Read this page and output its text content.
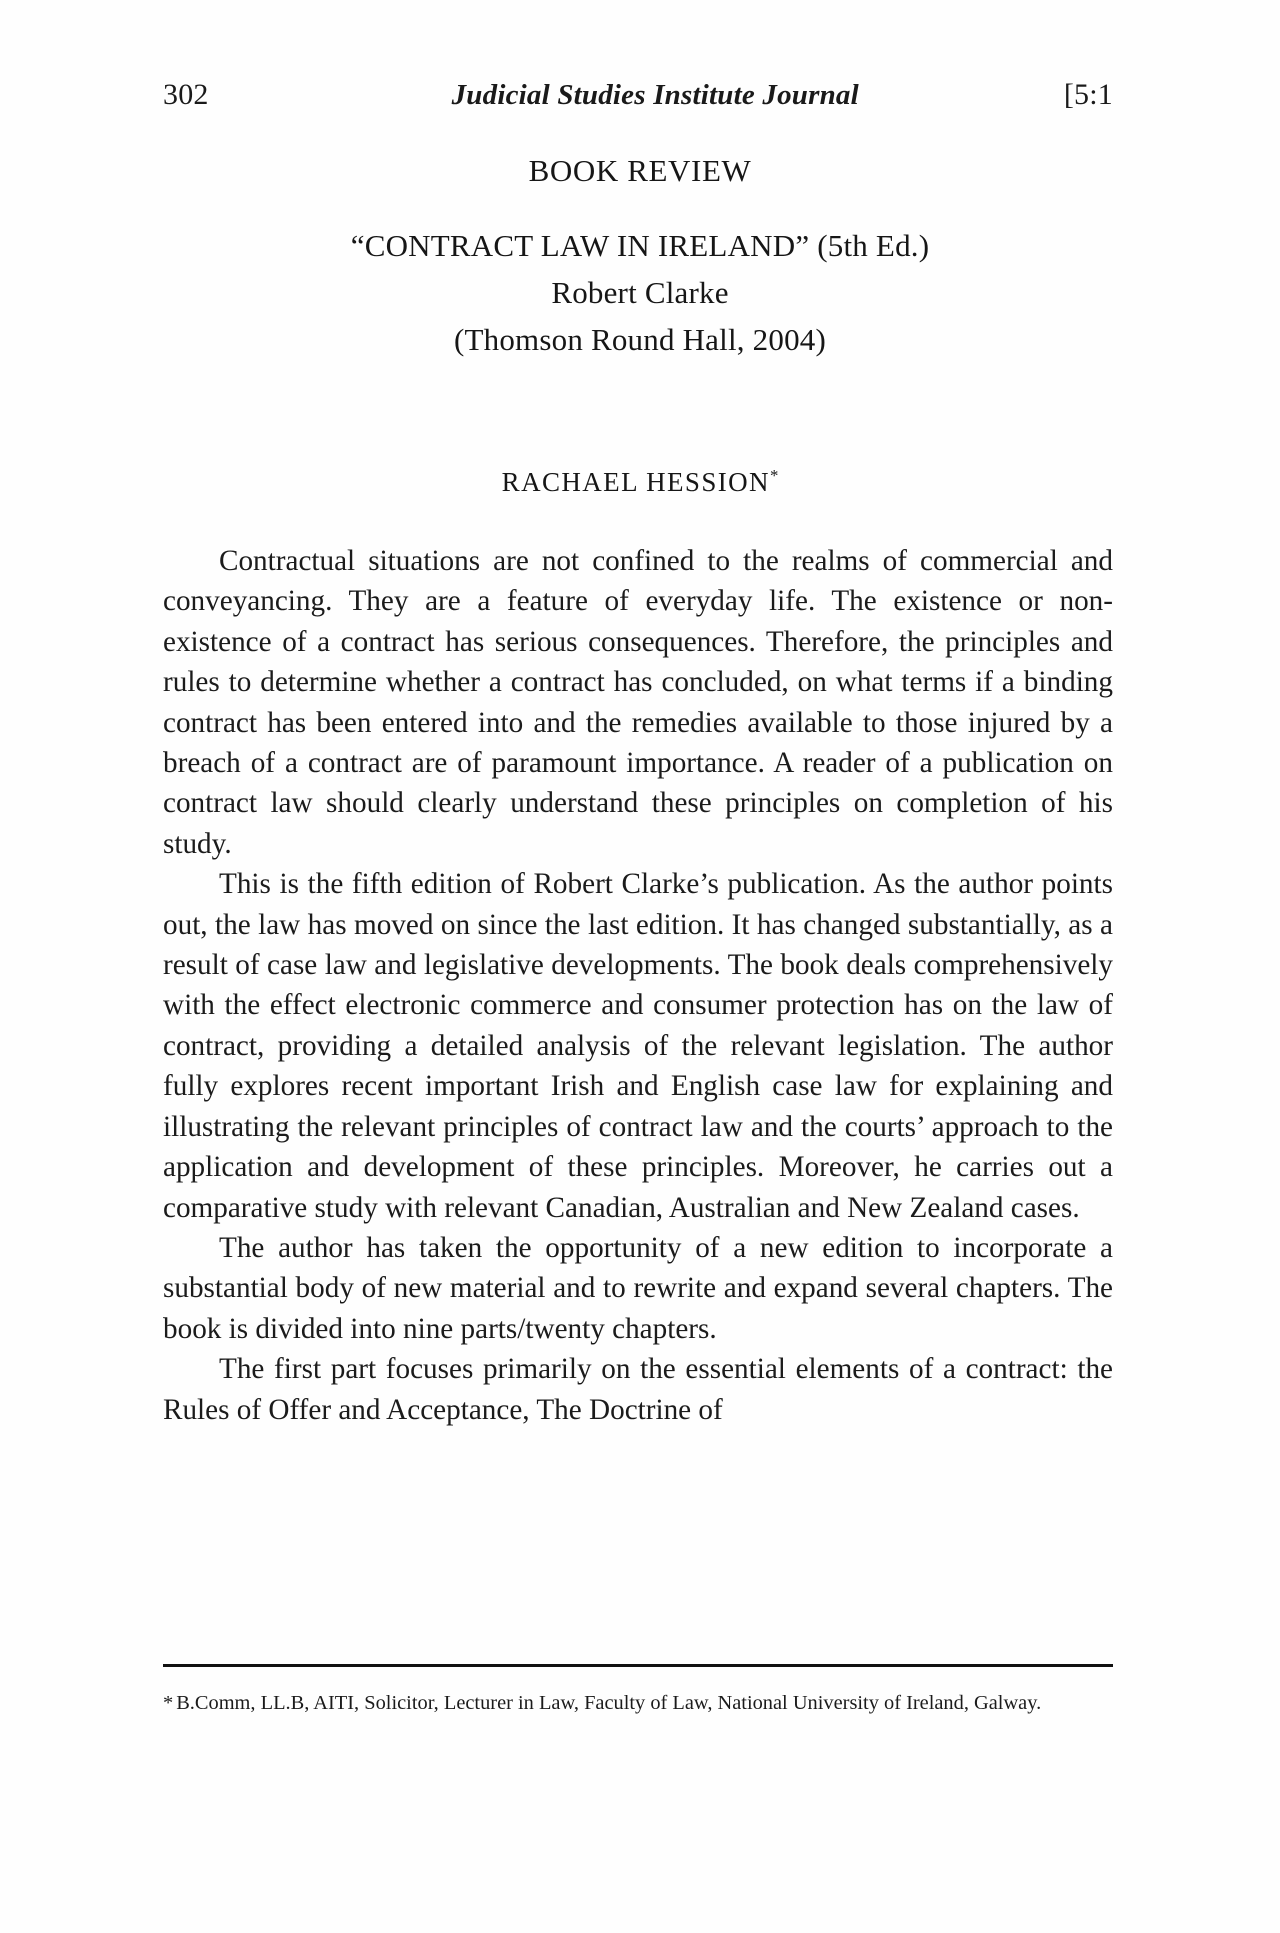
302	Judicial Studies Institute Journal	[5:1
BOOK REVIEW
“CONTRACT LAW IN IRELAND” (5th Ed.)
Robert Clarke
(Thomson Round Hall, 2004)
RACHAEL HESSION*

Contractual situations are not confined to the realms of commercial and conveyancing. They are a feature of everyday life. The existence or non-existence of a contract has serious consequences. Therefore, the principles and rules to determine whether a contract has concluded, on what terms if a binding contract has been entered into and the remedies available to those injured by a breach of a contract are of paramount importance. A reader of a publication on contract law should clearly understand these principles on completion of his study.

This is the fifth edition of Robert Clarke’s publication. As the author points out, the law has moved on since the last edition. It has changed substantially, as a result of case law and legislative developments. The book deals comprehensively with the effect electronic commerce and consumer protection has on the law of contract, providing a detailed analysis of the relevant legislation. The author fully explores recent important Irish and English case law for explaining and illustrating the relevant principles of contract law and the courts’ approach to the application and development of these principles. Moreover, he carries out a comparative study with relevant Canadian, Australian and New Zealand cases.

The author has taken the opportunity of a new edition to incorporate a substantial body of new material and to rewrite and expand several chapters. The book is divided into nine parts/twenty chapters.

The first part focuses primarily on the essential elements of a contract: the Rules of Offer and Acceptance, The Doctrine of

* B.Comm, LL.B, AITI, Solicitor, Lecturer in Law, Faculty of Law, National University of Ireland, Galway.
